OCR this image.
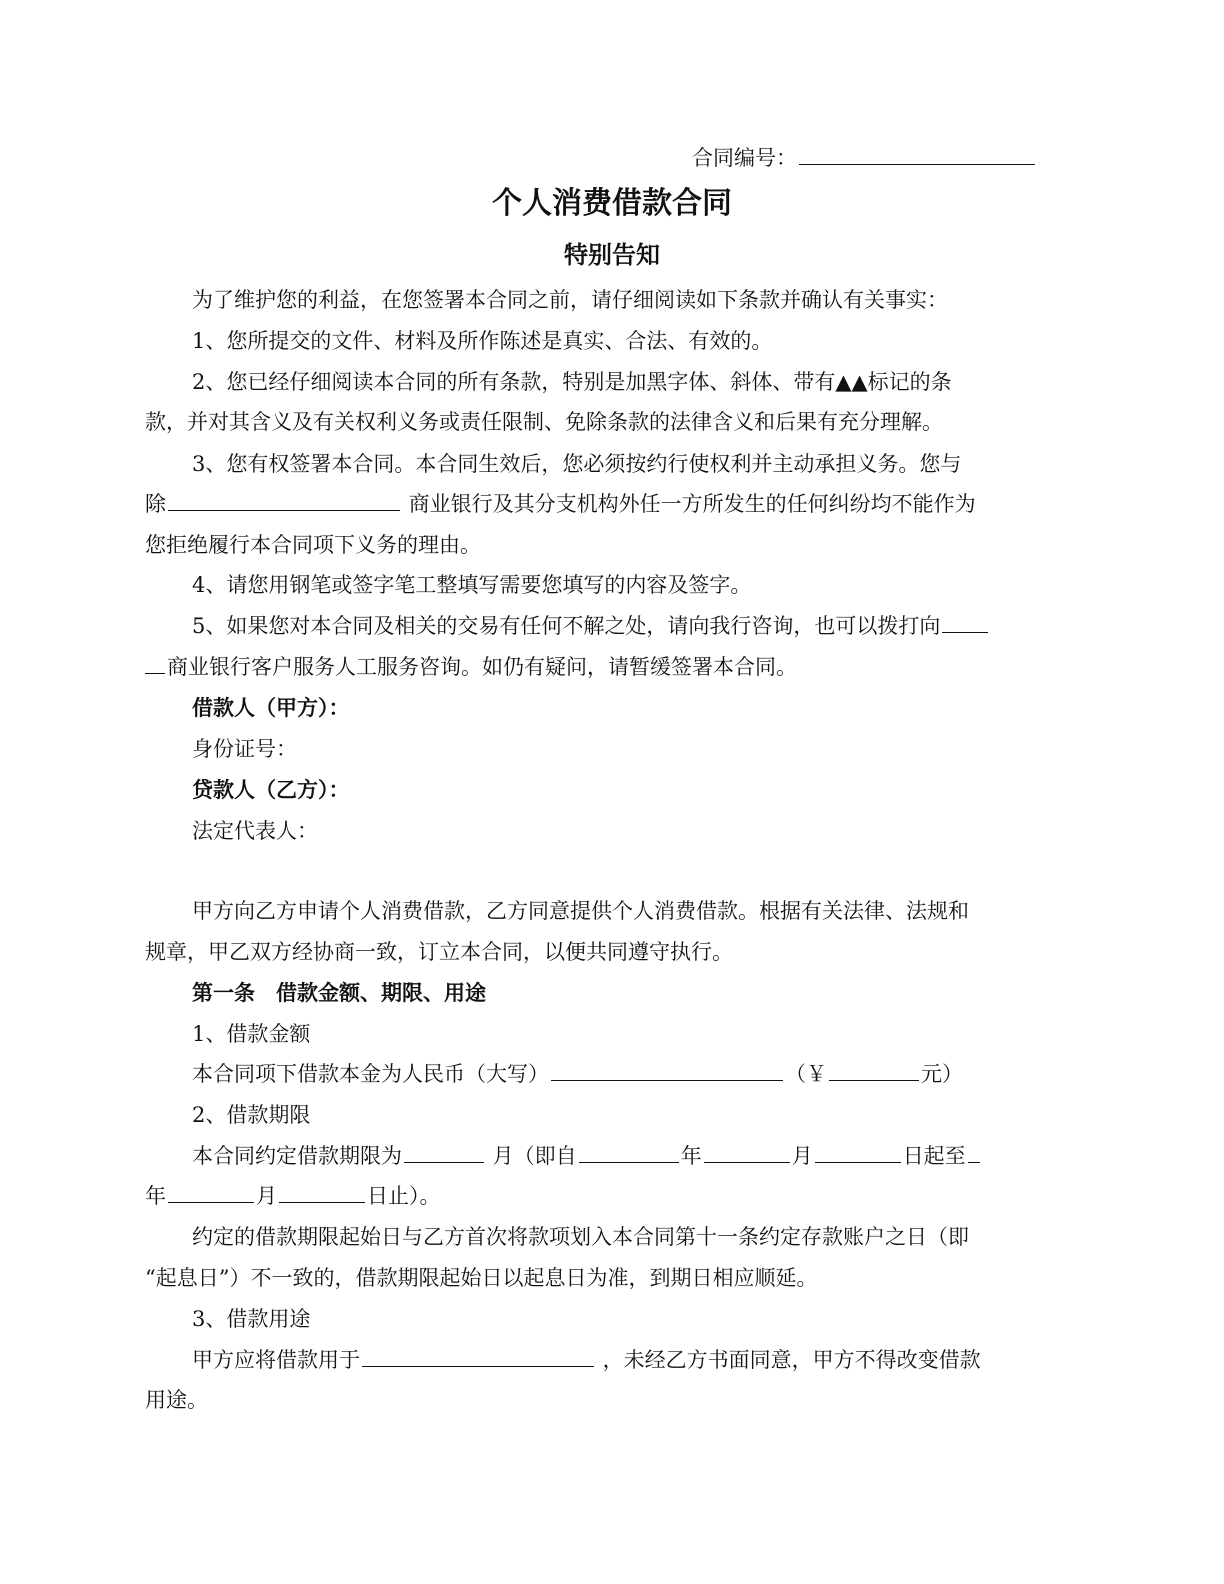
合同编号：
个人消费借款合同
特别告知
为了维护您的利益，在您签署本合同之前，请仔细阅读如下条款并确认有关事实：
1、您所提交的文件、材料及所作陈述是真实、合法、有效的。
2、您已经仔细阅读本合同的所有条款，特别是加黑字体、斜体、带有▲▲标记的条
款，并对其含义及有关权利义务或责任限制、免除条款的法律含义和后果有充分理解。
3、您有权签署本合同。本合同生效后，您必须按约行使权利并主动承担义务。您与
除	商业银行及其分支机构外任一方所发生的任何纠纷均不能作为
您拒绝履行本合同项下义务的理由。
4、请您用钢笔或签字笔工整填写需要您填写的内容及签字。
5、如果您对本合同及相关的交易有任何不解之处，请向我行咨询，也可以拨打向
商业银行客户服务人工服务咨询。如仍有疑问，请暂缓签署本合同。
借款人（甲方）：
身份证号：
贷款人（乙方）：
法定代表人：
甲方向乙方申请个人消费借款，乙方同意提供个人消费借款。根据有关法律、法规和
规章，甲乙双方经协商一致，订立本合同，以便共同遵守执行。
第一条　借款金额、期限、用途
1、借款金额
本合同项下借款本金为人民币（大写）	（￥	元）
2、借款期限
本合同约定借款期限为	月（即自	年	月	日起至
年	月	日止）。
约定的借款期限起始日与乙方首次将款项划入本合同第十一条约定存款账户之日（即
“起息日”）不一致的，借款期限起始日以起息日为准，到期日相应顺延。
3、借款用途
甲方应将借款用于	，未经乙方书面同意，甲方不得改变借款
用途。
